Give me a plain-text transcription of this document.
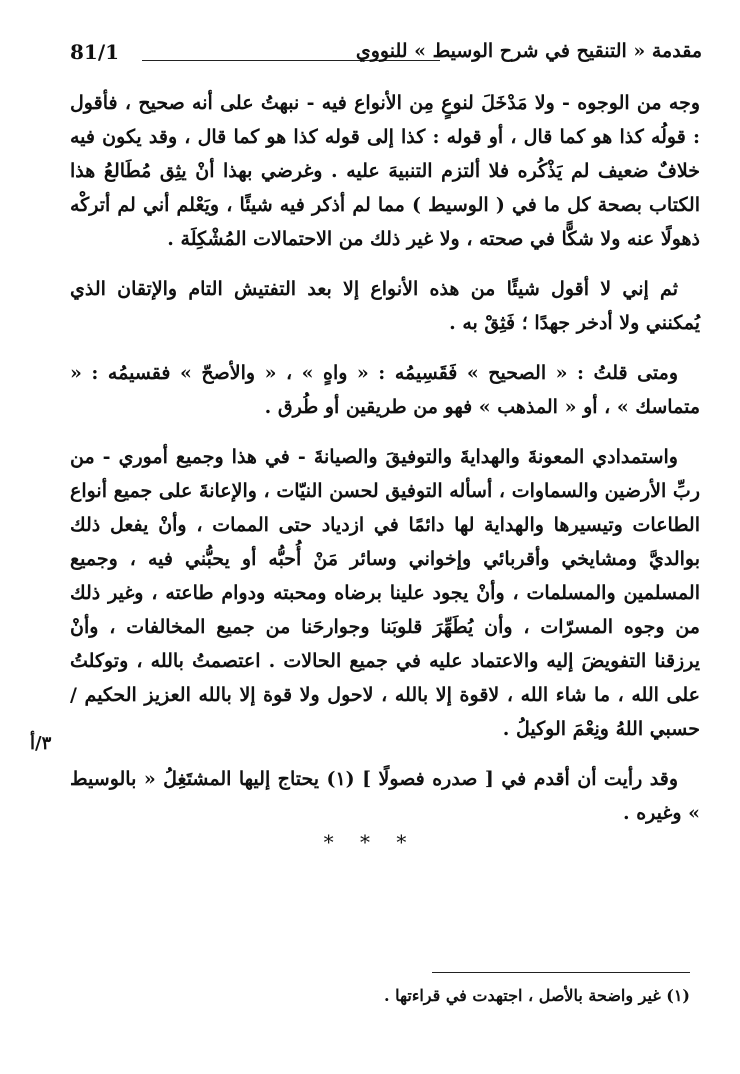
81/1	مقدمة « التنقيح في شرح الوسيط » للنووي

وجه من الوجوه - ولا مَدْخَلَ لنوعٍ مِن الأنواع فيه - نبهتُ على أنه صحيح ، فأقول : قولُه كذا هو كما قال ، أو قوله : كذا إلى قوله كذا هو كما قال ، وقد يكون فيه خلافٌ ضعيف لم يَذْكُره فلا ألتزم التنبيهَ عليه . وغرضي بهذا أنْ يثِق مُطَالعُ هذا الكتاب بصحة كل ما في ( الوسيط ) مما لم أذكر فيه شيئًا ، ويَعْلم أني لم أتركْه ذهولًا عنه ولا شكًّا في صحته ، ولا غير ذلك من الاحتمالات المُشْكِلَة .

ثم إني لا أقول شيئًا من هذه الأنواع إلا بعد التفتيش التام والإتقان الذي يُمكنني ولا أدخر جهدًا ؛ فَثِقْ به .

ومتى قلتُ : « الصحيح » فَقَسِيمُه : « واهٍ » ، « والأصحّ » فقسيمُه : « متماسك » ، أو « المذهب » فهو من طريقين أو طُرق .

واستمدادي المعونةَ والهدايةَ والتوفيقَ والصيانةَ - في هذا وجميع أموري - من ربِّ الأرضين والسماوات ، أسأله التوفيق لحسن النيّات ، والإعانةَ على جميع أنواع الطاعات وتيسيرها والهداية لها دائمًا في ازدياد حتى الممات ، وأنْ يفعل ذلك بوالديَّ ومشايخي وأقربائي وإخواني وسائر مَنْ أُحبُّه أو يحبُّني فيه ، وجميع المسلمين والمسلمات ، وأنْ يجود علينا برضاه ومحبته ودوام طاعته ، وغير ذلك من وجوه المسرّات ، وأن يُطَهِّرَ قلوبَنا وجوارحَنا من جميع المخالفات ، وأنْ يرزقنا التفويضَ إليه والاعتماد عليه في جميع الحالات . اعتصمتُ بالله ، وتوكلتُ على الله ، ما شاء الله ، لاقوة إلا بالله ، لاحول ولا قوة إلا بالله العزيز الحكيم / حسبي اللهُ ونِعْمَ الوكيلُ .

وقد رأيت أن أقدم في [ صدره فصولًا ] (١) يحتاج إليها المشتَغِلُ « بالوسيط » وغيره .

٣/أ
* * *
(١) غير واضحة بالأصل ، اجتهدت في قراءتها .
